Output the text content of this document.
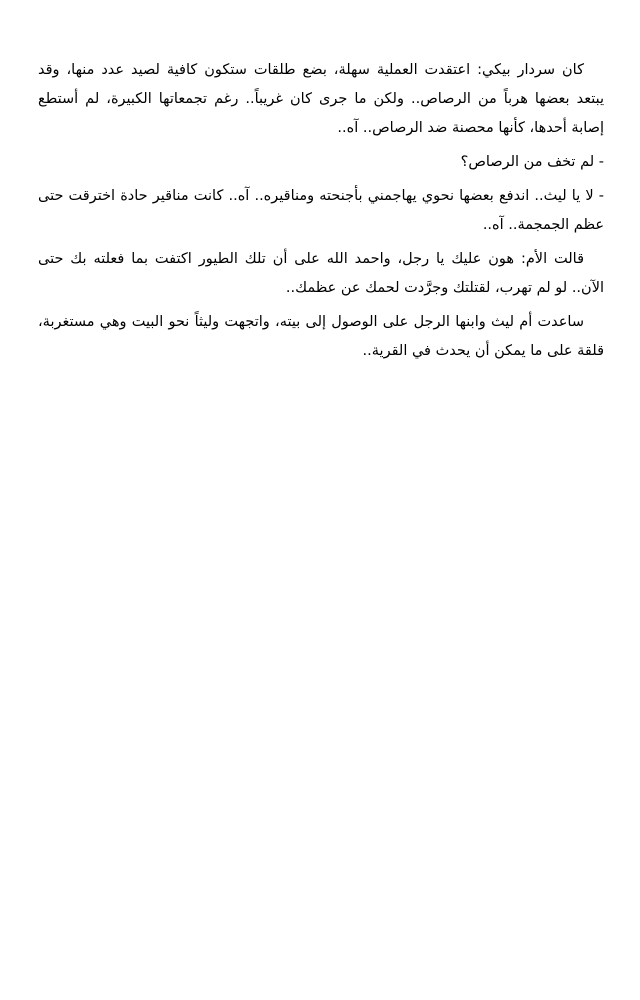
كان سردار بيكي: اعتقدت العملية سهلة، بضع طلقات ستكون كافية لصيد عدد منها، وقد يبتعد بعضها هرباً من الرصاص.. ولكن ما جرى كان غريباً.. رغم تجمعاتها الكبيرة، لم أستطع إصابة أحدها، كأنها محصنة ضد الرصاص.. آه..

- لم تخف من الرصاص؟

- لا يا ليث.. اندفع بعضها نحوي يهاجمني بأجنحته ومناقيره.. آه.. كانت مناقير حادة اخترقت حتى عظم الجمجمة.. آه..

قالت الأم: هون عليك يا رجل، واحمد الله على أن تلك الطيور اكتفت بما فعلته بك حتى الآن.. لو لم تهرب، لقتلتك وجرَّدت لحمك عن عظمك..

ساعدت أم ليث وابنها الرجل على الوصول إلى بيته، واتجهت وليثاً نحو البيت وهي مستغربة، قلقة على ما يمكن أن يحدث في القرية..
